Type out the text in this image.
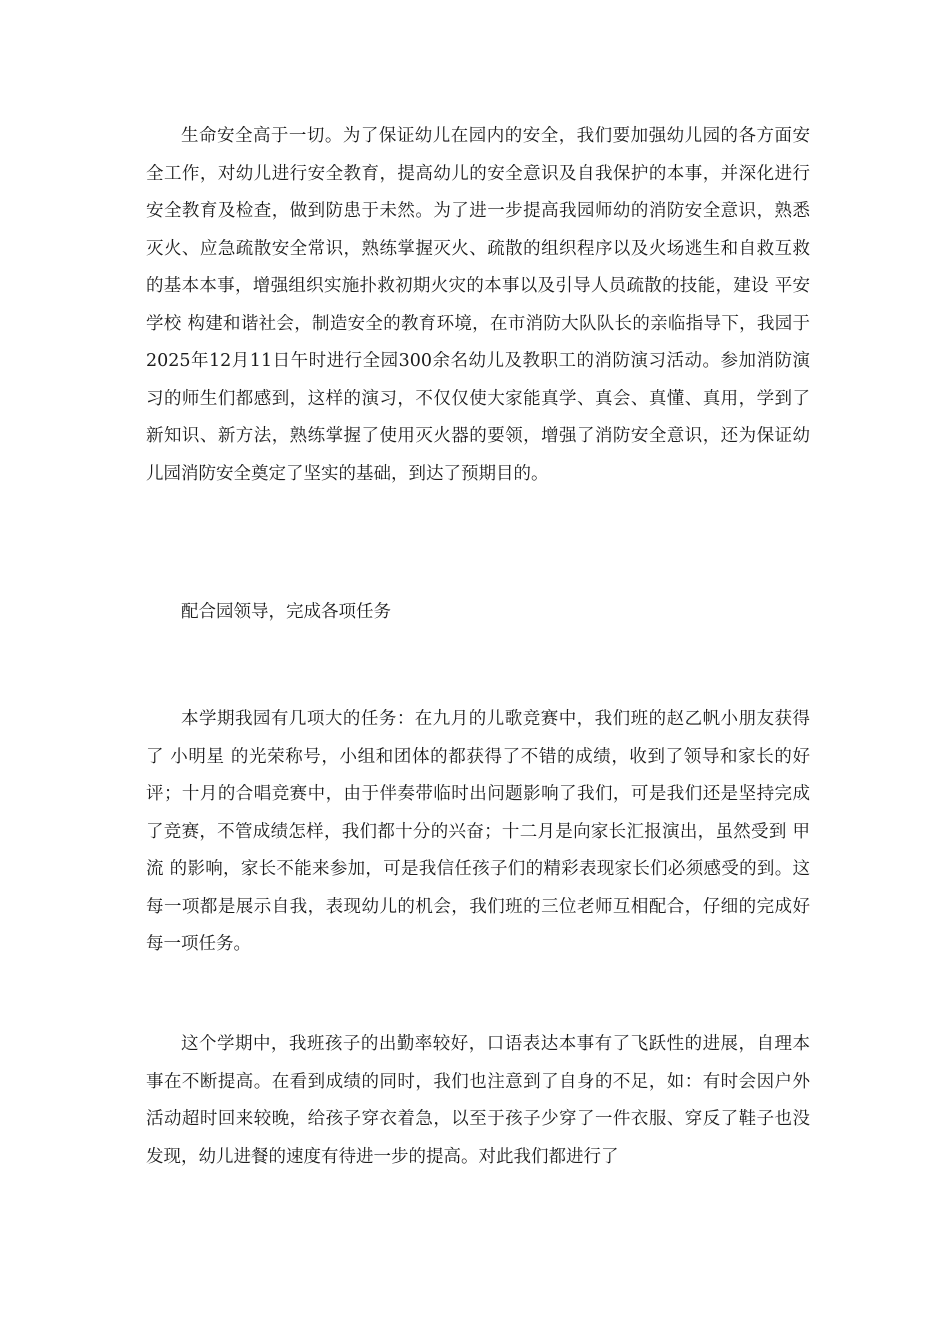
生命安全高于一切。为了保证幼儿在园内的安全，我们要加强幼儿园的各方面安全工作，对幼儿进行安全教育，提高幼儿的安全意识及自我保护的本事，并深化进行安全教育及检查，做到防患于未然。为了进一步提高我园师幼的消防安全意识，熟悉灭火、应急疏散安全常识，熟练掌握灭火、疏散的组织程序以及火场逃生和自救互救的基本本事，增强组织实施扑救初期火灾的本事以及引导人员疏散的技能，建设 平安学校 构建和谐社会，制造安全的教育环境，在市消防大队队长的亲临指导下，我园于2025年12月11日午时进行全园300余名幼儿及教职工的消防演习活动。参加消防演习的师生们都感到，这样的演习，不仅仅使大家能真学、真会、真懂、真用，学到了新知识、新方法，熟练掌握了使用灭火器的要领，增强了消防安全意识，还为保证幼儿园消防安全奠定了坚实的基础，到达了预期目的。

配合园领导，完成各项任务

本学期我园有几项大的任务：在九月的儿歌竞赛中，我们班的赵乙帆小朋友获得了 小明星 的光荣称号，小组和团体的都获得了不错的成绩，收到了领导和家长的好评；十月的合唱竞赛中，由于伴奏带临时出问题影响了我们，可是我们还是坚持完成了竞赛，不管成绩怎样，我们都十分的兴奋；十二月是向家长汇报演出，虽然受到 甲流 的影响，家长不能来参加，可是我信任孩子们的精彩表现家长们必须感受的到。这每一项都是展示自我，表现幼儿的机会，我们班的三位老师互相配合，仔细的完成好每一项任务。

这个学期中，我班孩子的出勤率较好，口语表达本事有了飞跃性的进展，自理本事在不断提高。在看到成绩的同时，我们也注意到了自身的不足，如：有时会因户外活动超时回来较晚，给孩子穿衣着急，以至于孩子少穿了一件衣服、穿反了鞋子也没发现，幼儿进餐的速度有待进一步的提高。对此我们都进行了
